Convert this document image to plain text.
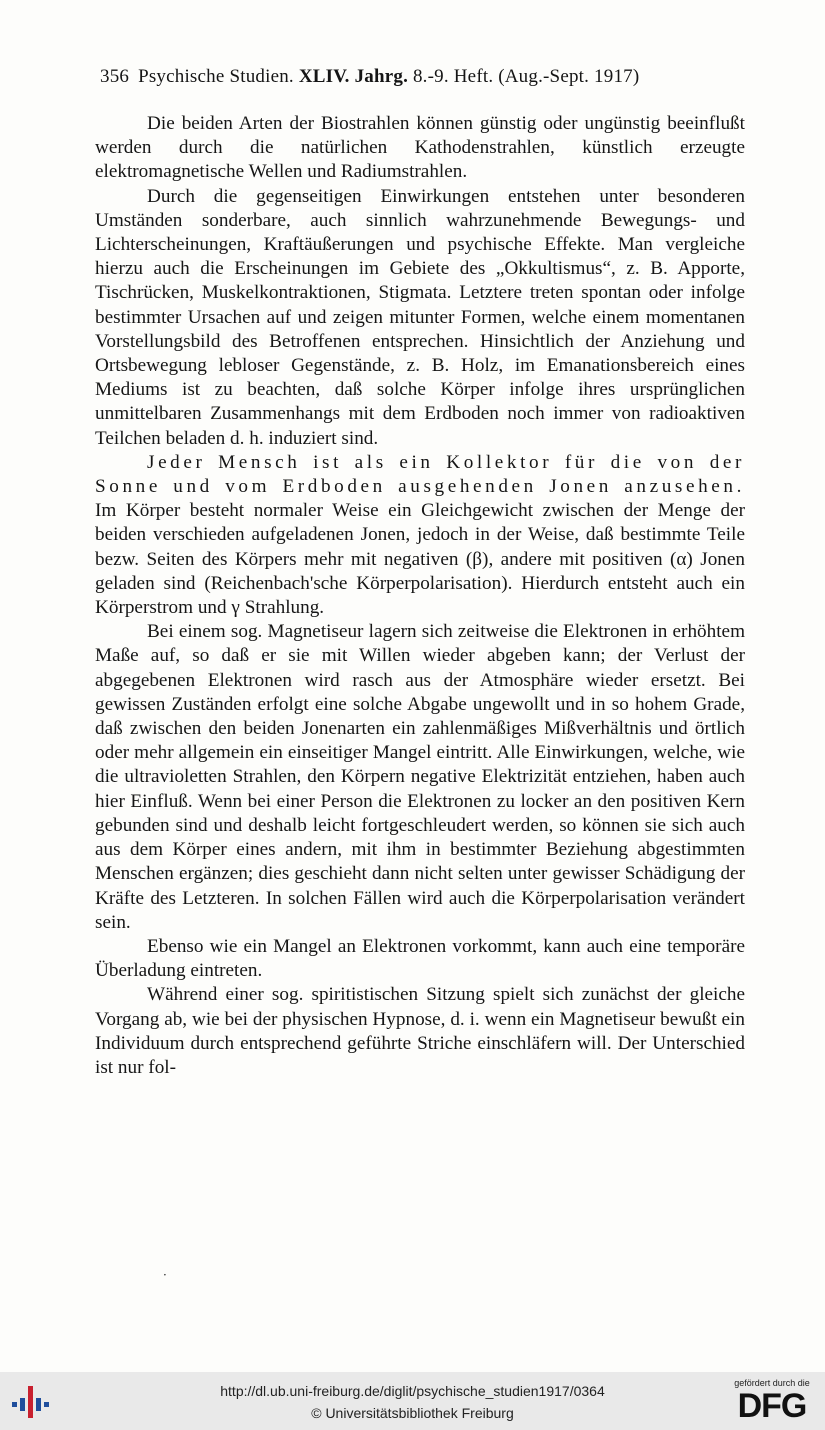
356 Psychische Studien. XLIV. Jahrg. 8.-9. Heft. (Aug.-Sept. 1917)

Die beiden Arten der Biostrahlen können günstig oder ungünstig beeinflußt werden durch die natürlichen Kathodenstrahlen, künstlich erzeugte elektromagnetische Wellen und Radiumstrahlen.

Durch die gegenseitigen Einwirkungen entstehen unter besonderen Umständen sonderbare, auch sinnlich wahrzunehmende Bewegungs- und Lichterscheinungen, Kraftäußerungen und psychische Effekte. Man vergleiche hierzu auch die Erscheinungen im Gebiete des „Okkultismus“, z. B. Apporte, Tischrücken, Muskelkontraktionen, Stigmata. Letztere treten spontan oder infolge bestimmter Ursachen auf und zeigen mitunter Formen, welche einem momentanen Vorstellungsbild des Betroffenen entsprechen. Hinsichtlich der Anziehung und Ortsbewegung lebloser Gegenstände, z. B. Holz, im Emanationsbereich eines Mediums ist zu beachten, daß solche Körper infolge ihres ursprünglichen unmittelbaren Zusammenhangs mit dem Erdboden noch immer von radioaktiven Teilchen beladen d. h. induziert sind.

Jeder Mensch ist als ein Kollektor für die von der Sonne und vom Erdboden ausgehenden Jonen anzusehen. Im Körper besteht normaler Weise ein Gleichgewicht zwischen der Menge der beiden verschieden aufgeladenen Jonen, jedoch in der Weise, daß bestimmte Teile bezw. Seiten des Körpers mehr mit negativen (β), andere mit positiven (α) Jonen geladen sind (Reichenbach'sche Körperpolarisation). Hierdurch entsteht auch ein Körperstrom und γ Strahlung.

Bei einem sog. Magnetiseur lagern sich zeitweise die Elektronen in erhöhtem Maße auf, so daß er sie mit Willen wieder abgeben kann; der Verlust der abgegebenen Elektronen wird rasch aus der Atmosphäre wieder ersetzt. Bei gewissen Zuständen erfolgt eine solche Abgabe ungewollt und in so hohem Grade, daß zwischen den beiden Jonenarten ein zahlenmäßiges Mißverhältnis und örtlich oder mehr allgemein ein einseitiger Mangel eintritt. Alle Einwirkungen, welche, wie die ultravioletten Strahlen, den Körpern negative Elektrizität entziehen, haben auch hier Einfluß. Wenn bei einer Person die Elektronen zu locker an den positiven Kern gebunden sind und deshalb leicht fortgeschleudert werden, so können sie sich auch aus dem Körper eines andern, mit ihm in bestimmter Beziehung abgestimmten Menschen ergänzen; dies geschieht dann nicht selten unter gewisser Schädigung der Kräfte des Letzteren. In solchen Fällen wird auch die Körperpolarisation verändert sein.

Ebenso wie ein Mangel an Elektronen vorkommt, kann auch eine temporäre Überladung eintreten.

Während einer sog. spiritistischen Sitzung spielt sich zunächst der gleiche Vorgang ab, wie bei der physischen Hypnose, d. i. wenn ein Magnetiseur bewußt ein Individuum durch entsprechend geführte Striche einschläfern will. Der Unterschied ist nur fol-

·
http://dl.ub.uni-freiburg.de/diglit/psychische_studien1917/0364
© Universitätsbibliothek Freiburg
gefördert durch die
DFG
